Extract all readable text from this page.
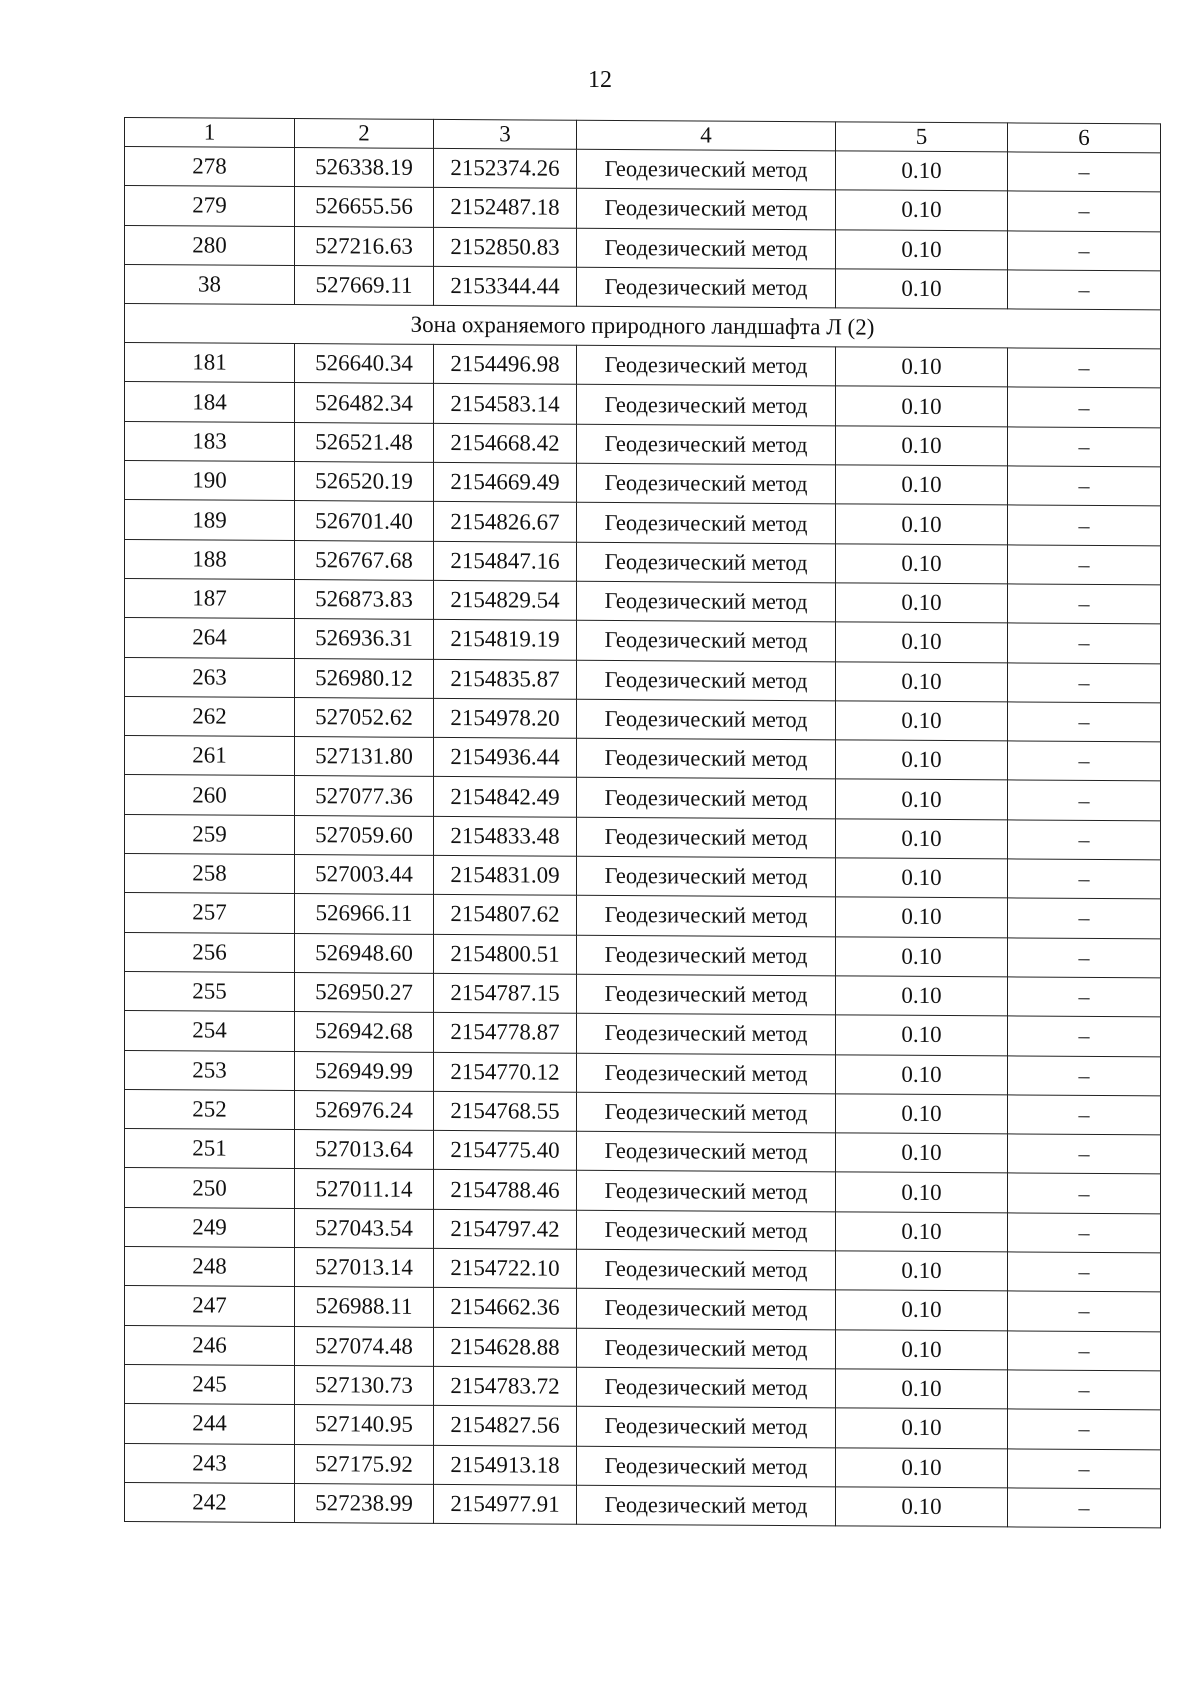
12
1	2	3	4	5	6
278	526338.19	2152374.26	Геодезический метод	0.10	–
279	526655.56	2152487.18	Геодезический метод	0.10	–
280	527216.63	2152850.83	Геодезический метод	0.10	–
38	527669.11	2153344.44	Геодезический метод	0.10	–
Зона охраняемого природного ландшафта Л (2)					
181	526640.34	2154496.98	Геодезический метод	0.10	–
184	526482.34	2154583.14	Геодезический метод	0.10	–
183	526521.48	2154668.42	Геодезический метод	0.10	–
190	526520.19	2154669.49	Геодезический метод	0.10	–
189	526701.40	2154826.67	Геодезический метод	0.10	–
188	526767.68	2154847.16	Геодезический метод	0.10	–
187	526873.83	2154829.54	Геодезический метод	0.10	–
264	526936.31	2154819.19	Геодезический метод	0.10	–
263	526980.12	2154835.87	Геодезический метод	0.10	–
262	527052.62	2154978.20	Геодезический метод	0.10	–
261	527131.80	2154936.44	Геодезический метод	0.10	–
260	527077.36	2154842.49	Геодезический метод	0.10	–
259	527059.60	2154833.48	Геодезический метод	0.10	–
258	527003.44	2154831.09	Геодезический метод	0.10	–
257	526966.11	2154807.62	Геодезический метод	0.10	–
256	526948.60	2154800.51	Геодезический метод	0.10	–
255	526950.27	2154787.15	Геодезический метод	0.10	–
254	526942.68	2154778.87	Геодезический метод	0.10	–
253	526949.99	2154770.12	Геодезический метод	0.10	–
252	526976.24	2154768.55	Геодезический метод	0.10	–
251	527013.64	2154775.40	Геодезический метод	0.10	–
250	527011.14	2154788.46	Геодезический метод	0.10	–
249	527043.54	2154797.42	Геодезический метод	0.10	–
248	527013.14	2154722.10	Геодезический метод	0.10	–
247	526988.11	2154662.36	Геодезический метод	0.10	–
246	527074.48	2154628.88	Геодезический метод	0.10	–
245	527130.73	2154783.72	Геодезический метод	0.10	–
244	527140.95	2154827.56	Геодезический метод	0.10	–
243	527175.92	2154913.18	Геодезический метод	0.10	–
242	527238.99	2154977.91	Геодезический метод	0.10	–
